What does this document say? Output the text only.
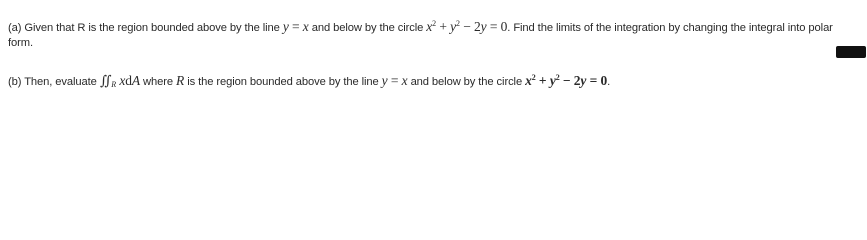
(a) Given that R is the region bounded above by the line y = x and below by the circle $x^2 + y^2 - 2y = 0$. Find the limits of the integration by changing the integral into polar form.
(b) Then, evaluate $∬_R$ xdA where R is the region bounded above by the line y = x and below by the circle $x^2 + y^2 - 2y = 0$.
